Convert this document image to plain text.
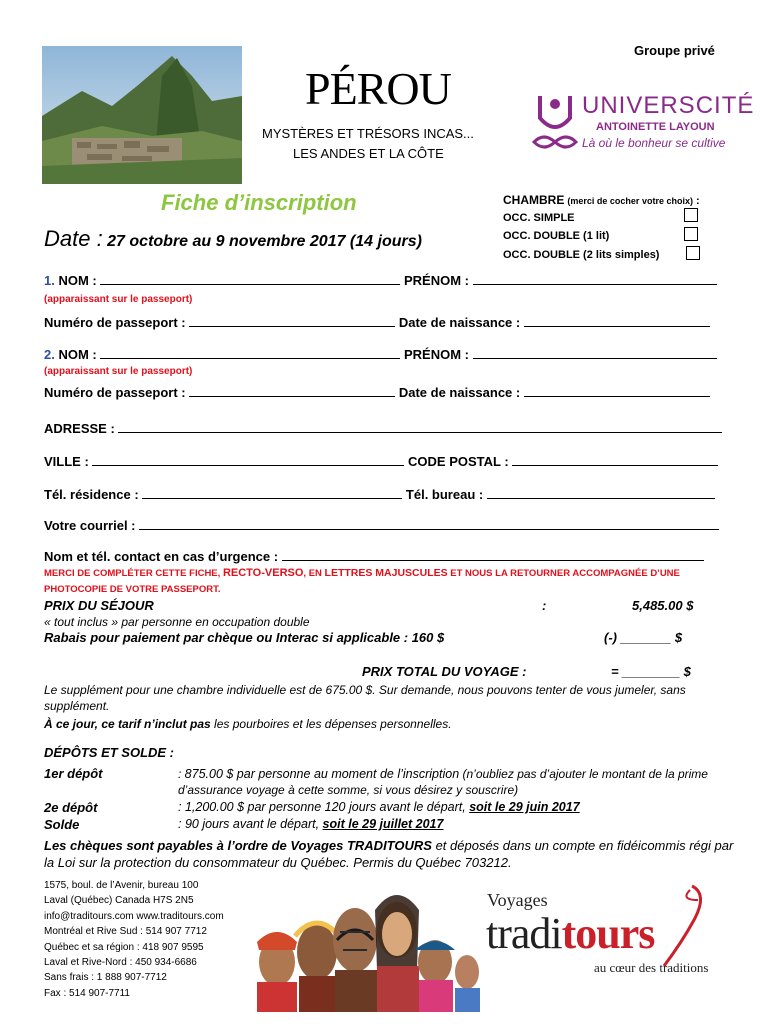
Groupe privé
PÉROU
MYSTÈRES ET TRÉSORS INCAS...
LES ANDES ET LA CÔTE
UNIVERSCITÉ
ANTOINETTE LAYOUN
Là où le bonheur se cultive
Fiche d’inscription
Date : 27 octobre au 9 novembre 2017 (14 jours)
CHAMBRE (merci de cocher votre choix) :
OCC. SIMPLE
OCC. DOUBLE (1 lit)
OCC. DOUBLE (2 lits simples)
1. NOM :	PRÉNOM :
(apparaissant sur le passeport)
Numéro de passeport :	Date de naissance :
2. NOM :	PRÉNOM :
(apparaissant sur le passeport)
Numéro de passeport :	Date de naissance :
ADRESSE :
VILLE :	CODE POSTAL :
Tél. résidence :	Tél. bureau :
Votre courriel :
Nom et tél. contact en cas d’urgence :
MERCI DE COMPLÉTER CETTE FICHE, RECTO-VERSO, EN LETTRES MAJUSCULES ET NOUS LA RETOURNER ACCOMPAGNÉE D’UNE
PHOTOCOPIE DE VOTRE PASSEPORT.
PRIX DU SÉJOUR	:	5,485.00 $
« tout inclus » par personne en occupation double
Rabais pour paiement par chèque ou Interac si applicable : 160 $	(-) _______ $
PRIX TOTAL DU VOYAGE :	= ________ $
Le supplément pour une chambre individuelle est de 675.00 $. Sur demande, nous pouvons tenter de vous jumeler, sans supplément.
À ce jour, ce tarif n’inclut pas les pourboires et les dépenses personnelles.
DÉPÔTS ET SOLDE :
1er dépôt	: 875.00 $ par personne au moment de l’inscription (n’oubliez pas d’ajouter le montant de la prime d’assurance voyage à cette somme, si vous désirez y souscrire)
2e dépôt	: 1,200.00 $ par personne 120 jours avant le départ, soit le 29 juin 2017
Solde	: 90 jours avant le départ, soit le 29 juillet 2017
Les chèques sont payables à l’ordre de Voyages TRADITOURS et déposés dans un compte en fidéicommis régi par la Loi sur la protection du consommateur du Québec. Permis du Québec 703212.
1575, boul. de l’Avenir, bureau 100
Laval (Québec) Canada H7S 2N5
info@traditours.com www.traditours.com
Montréal et Rive Sud : 514 907 7712
Québec et sa région : 418 907 9595
Laval et Rive-Nord : 450 934-6686
Sans frais : 1 888 907-7712
Fax : 514 907-7711
Voyages
traditours
au cœur des traditions
